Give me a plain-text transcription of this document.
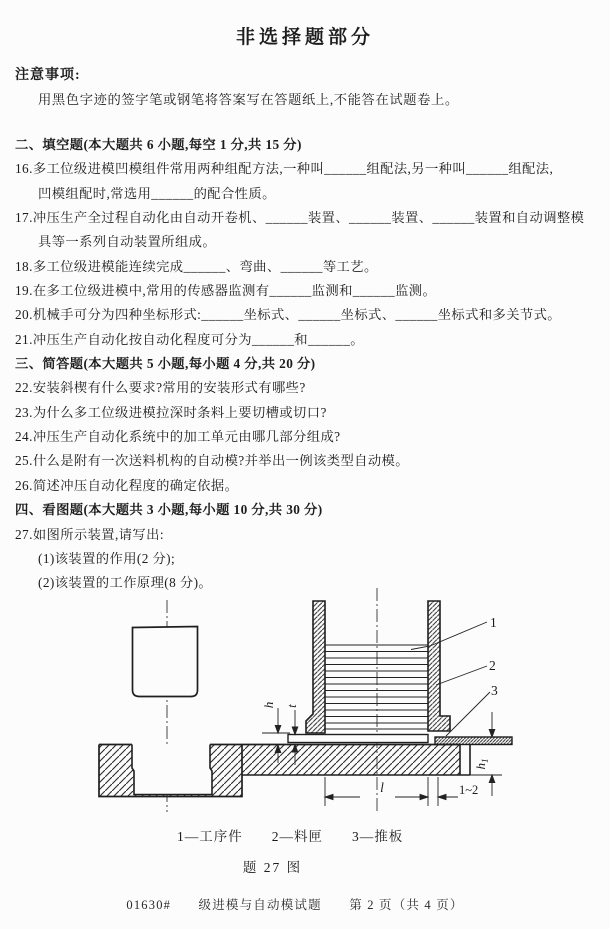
非选择题部分
注意事项:
用黑色字迹的签字笔或钢笔将答案写在答题纸上,不能答在试题卷上。
二、填空题(本大题共 6 小题,每空 1 分,共 15 分)
16.多工位级进模凹模组件常用两种组配方法,一种叫______组配法,另一种叫______组配法,
凹模组配时,常选用______的配合性质。
17.冲压生产全过程自动化由自动开卷机、______装置、______装置、______装置和自动调整模
具等一系列自动装置所组成。
18.多工位级进模能连续完成______、弯曲、______等工艺。
19.在多工位级进模中,常用的传感器监测有______监测和______监测。
20.机械手可分为四种坐标形式:______坐标式、______坐标式、______坐标式和多关节式。
21.冲压生产自动化按自动化程度可分为______和______。
三、简答题(本大题共 5 小题,每小题 4 分,共 20 分)
22.安装斜楔有什么要求?常用的安装形式有哪些?
23.为什么多工位级进模拉深时条料上要切槽或切口?
24.冲压生产自动化系统中的加工单元由哪几部分组成?
25.什么是附有一次送料机构的自动模?并举出一例该类型自动模。
26.简述冲压自动化程度的确定依据。
四、看图题(本大题共 3 小题,每小题 10 分,共 30 分)
27.如图所示装置,请写出:
(1)该装置的作用(2 分);
(2)该装置的工作原理(8 分)。
h t
$h_1$
l	1~2
1
2
3
1—工序件　　2—料匣　　3—推板
题 27 图
01630#　　级进模与自动模试题　　第 2 页（共 4 页）
